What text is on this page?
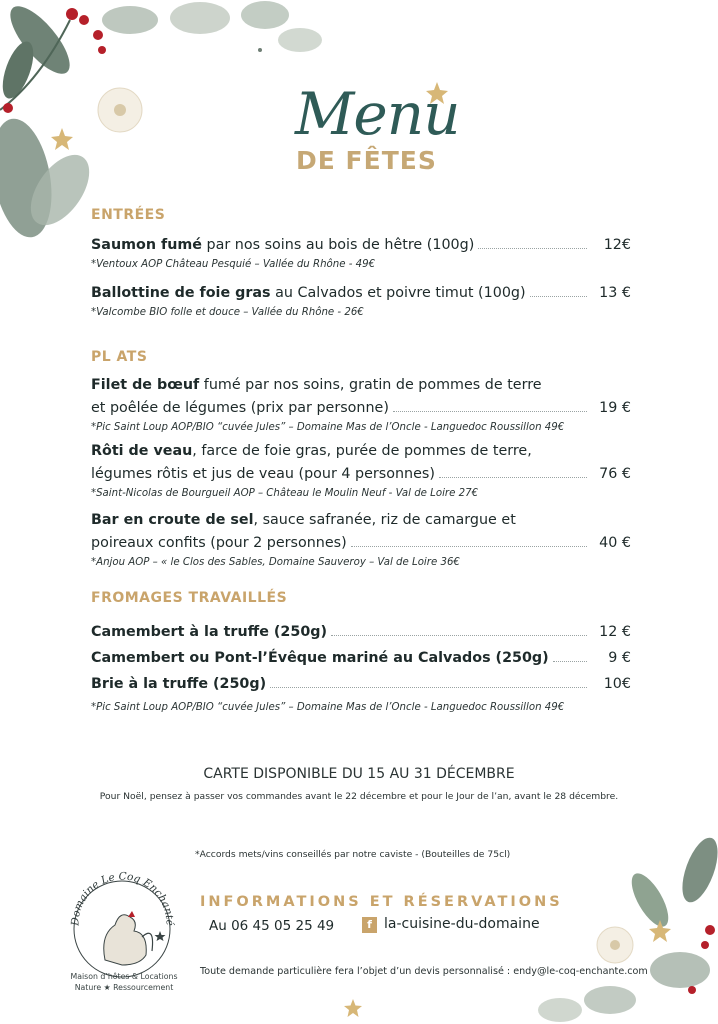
Menu
DE FÊTES
ENTRÉES
Saumon fumé par nos soins au bois de hêtre (100g)	12€
*Ventoux AOP Château Pesquié – Vallée du Rhône - 49€
Ballottine de foie gras au Calvados et poivre timut (100g)	13 €
*Valcombe BIO folle et douce – Vallée du Rhône - 26€
PL ATS
Filet de bœuf fumé par nos soins, gratin de pommes de terre
et poêlée de légumes (prix par personne)	19 €
*Pic Saint Loup AOP/BIO “cuvée Jules” – Domaine Mas de l’Oncle - Languedoc Roussillon 49€
Rôti de veau, farce de foie gras, purée de pommes de terre,
légumes rôtis et jus de veau (pour 4 personnes)	76 €
*Saint-Nicolas de Bourgueil AOP – Château le Moulin Neuf - Val de Loire 27€
Bar en croute de sel, sauce safranée, riz de camargue et
poireaux confits (pour 2 personnes)	40 €
*Anjou AOP – « le Clos des Sables, Domaine Sauveroy – Val de Loire 36€
FROMAGES TRAVAILLÉS
Camembert à la truffe (250g)	12 €
Camembert ou Pont-l’Évêque mariné au Calvados (250g)	9 €
Brie à la truffe (250g)	10€
*Pic Saint Loup AOP/BIO “cuvée Jules” – Domaine Mas de l’Oncle - Languedoc Roussillon 49€
CARTE DISPONIBLE DU 15 AU 31 DÉCEMBRE
Pour Noël, pensez à passer vos commandes avant le 22 décembre et pour le Jour de l’an, avant le 28 décembre.
*Accords mets/vins conseillés par notre caviste - (Bouteilles de 75cl)
Domaine Le Coq Enchanté
Maison d’hôtes & Locations
Nature ★ Ressourcement
INFORMATIONS ET RÉSERVATIONS
Au 06 45 05 25 49	f la-cuisine-du-domaine
Toute demande particulière fera l’objet d’un devis personnalisé : endy@le-coq-enchante.com
